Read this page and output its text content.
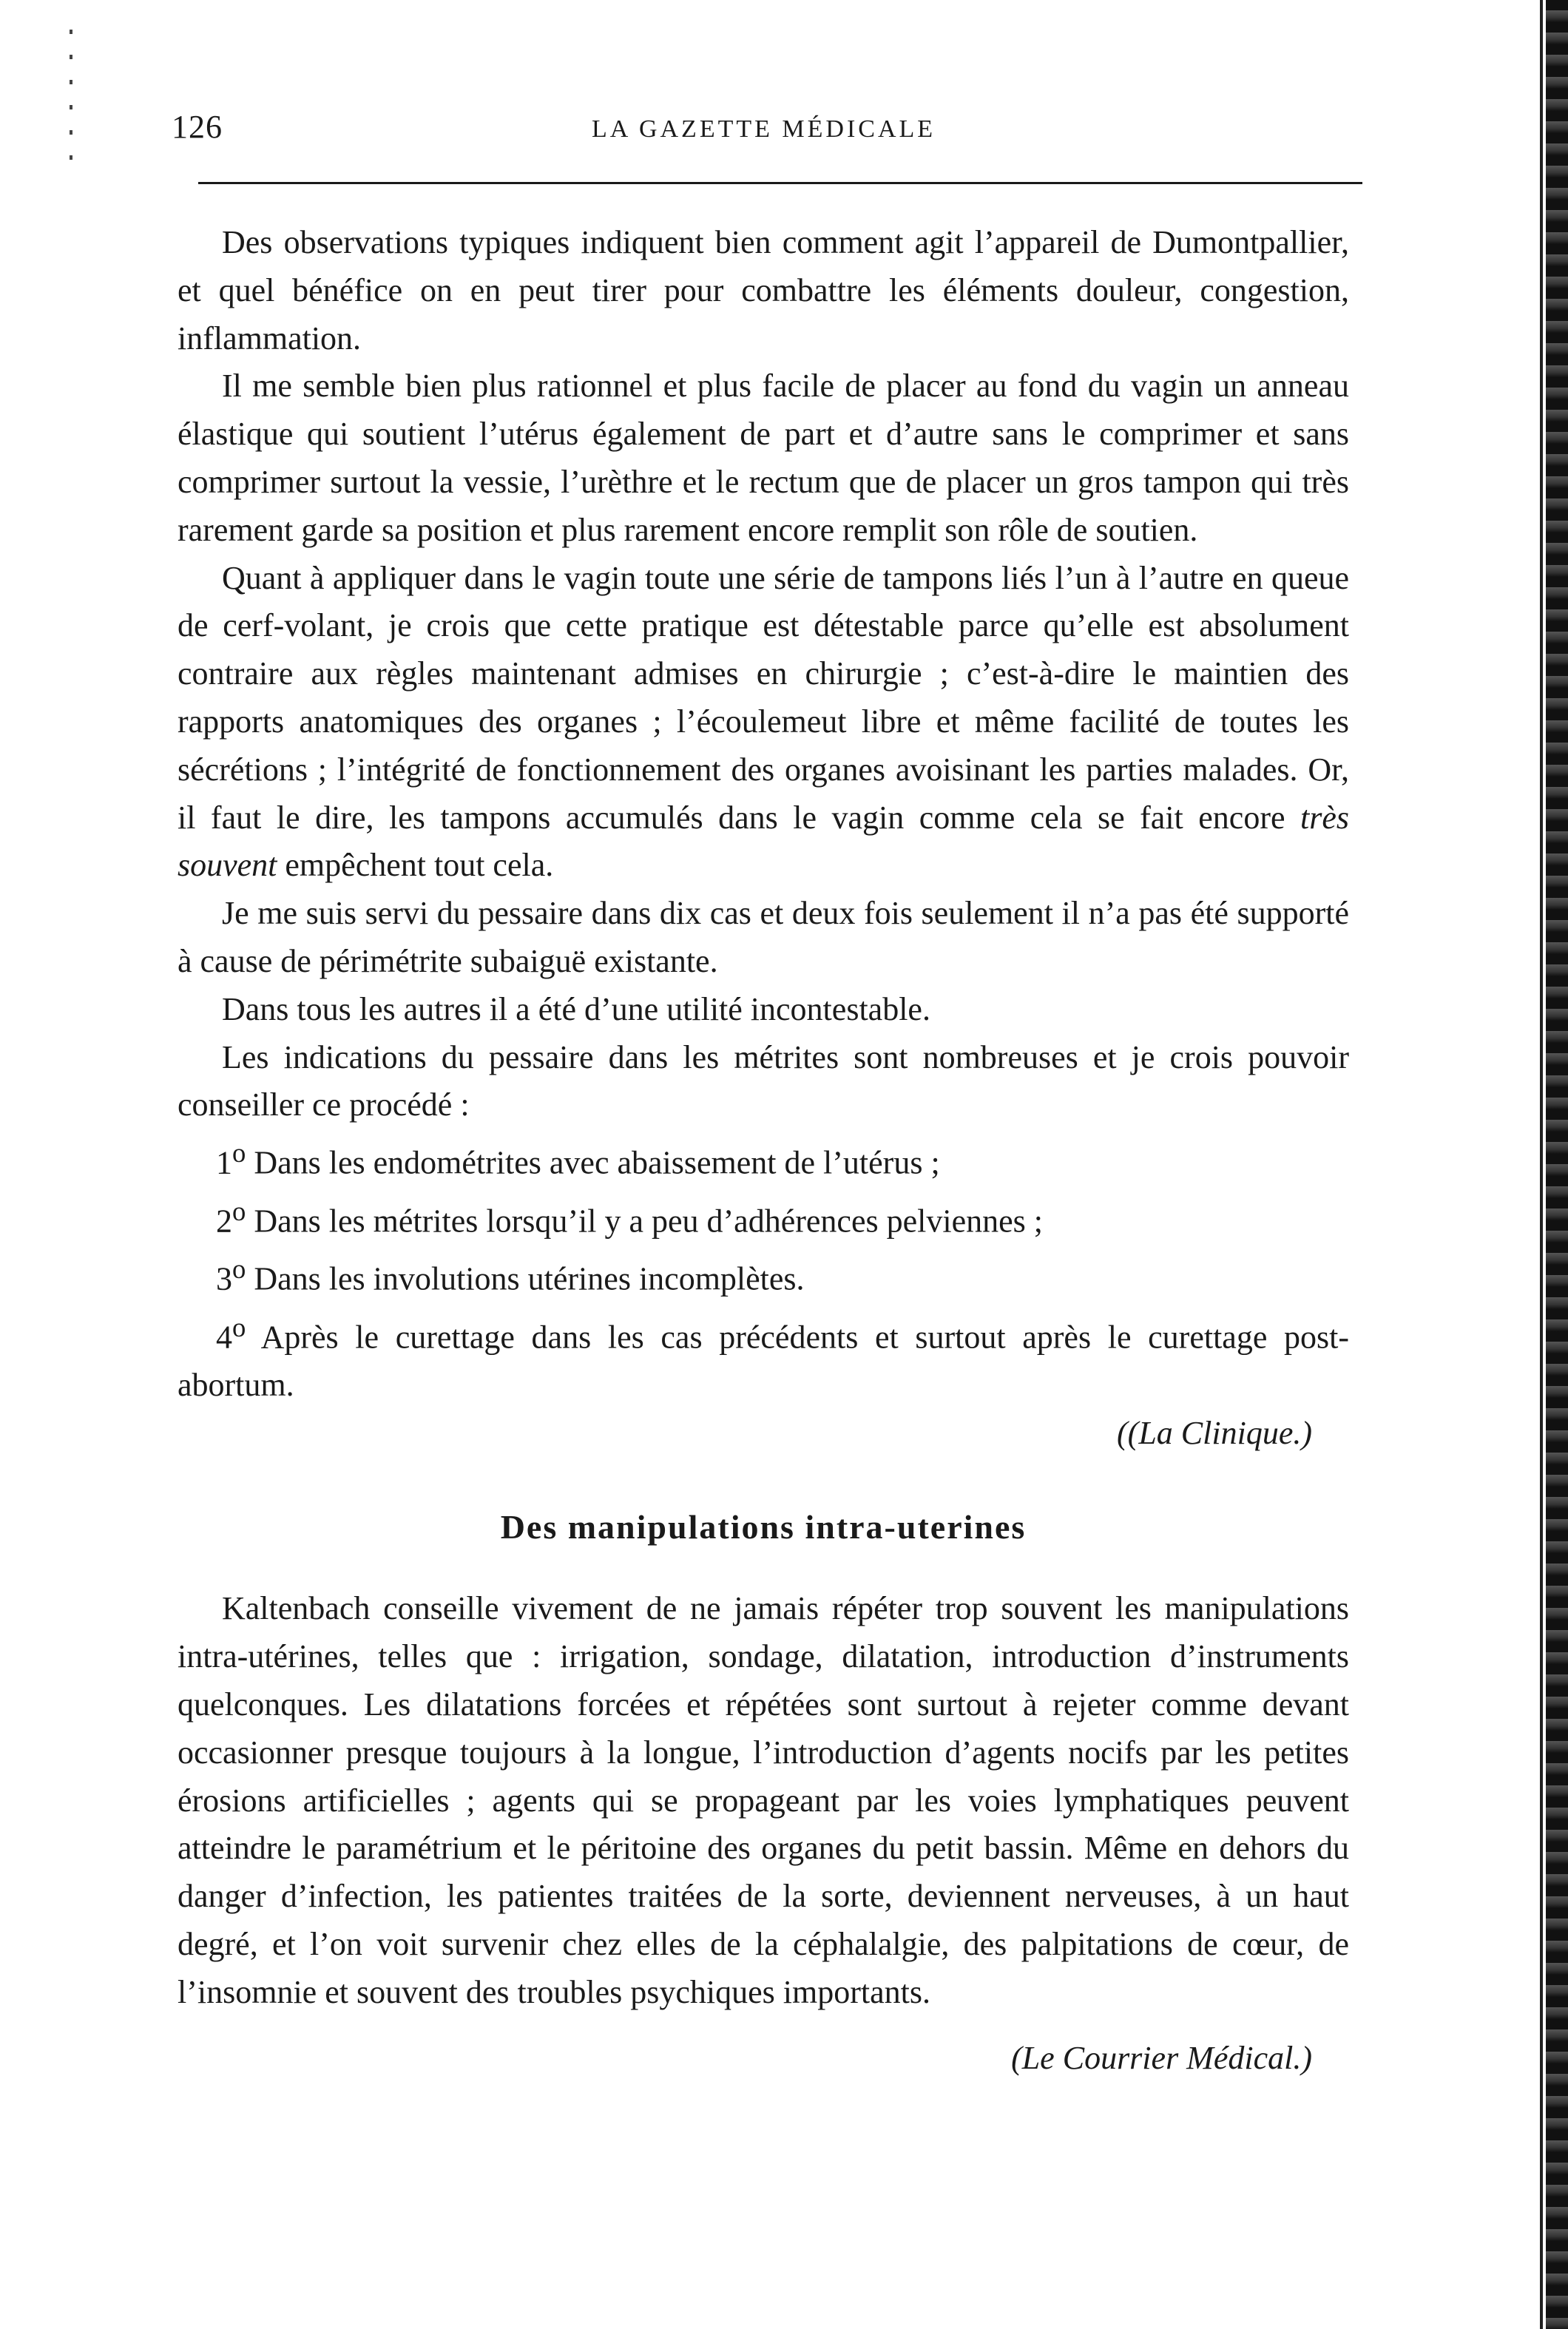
126	LA GAZETTE MÉDICALE

Des observations typiques indiquent bien comment agit l’appareil de Dumontpallier, et quel bénéfice on en peut tirer pour combattre les éléments douleur, congestion, inflammation.

Il me semble bien plus rationnel et plus facile de placer au fond du vagin un anneau élastique qui soutient l’utérus également de part et d’autre sans le comprimer et sans comprimer surtout la vessie, l’urèthre et le rectum que de placer un gros tampon qui très rarement garde sa position et plus rarement encore remplit son rôle de soutien.

Quant à appliquer dans le vagin toute une série de tampons liés l’un à l’autre en queue de cerf-volant, je crois que cette pratique est détestable parce qu’elle est absolument contraire aux règles maintenant admises en chirurgie ; c’est-à-dire le maintien des rapports anatomiques des organes ; l’écoulemeut libre et même facilité de toutes les sécrétions ; l’intégrité de fonctionnement des organes avoisinant les parties malades. Or, il faut le dire, les tampons accumulés dans le vagin comme cela se fait encore très souvent empêchent tout cela.

Je me suis servi du pessaire dans dix cas et deux fois seulement il n’a pas été supporté à cause de périmétrite subaiguë existante.

Dans tous les autres il a été d’une utilité incontestable.

Les indications du pessaire dans les métrites sont nombreuses et je crois pouvoir conseiller ce procédé :

1$^o$ Dans les endométrites avec abaissement de l’utérus ;

2$^o$ Dans les métrites lorsqu’il y a peu d’adhérences pelviennes ;

3$^o$ Dans les involutions utérines incomplètes.

4$^o$ Après le curettage dans les cas précédents et surtout après le curettage post-abortum.

((La Clinique.)

Des manipulations intra-uterines

Kaltenbach conseille vivement de ne jamais répéter trop souvent les manipulations intra-utérines, telles que : irrigation, sondage, dilatation, introduction d’instruments quelconques. Les dilatations forcées et répétées sont surtout à rejeter comme devant occasionner presque toujours à la longue, l’introduction d’agents nocifs par les petites érosions artificielles ; agents qui se propageant par les voies lymphatiques peuvent atteindre le paramétrium et le péritoine des organes du petit bassin. Même en dehors du danger d’infection, les patientes traitées de la sorte, deviennent nerveuses, à un haut degré, et l’on voit survenir chez elles de la céphalalgie, des palpitations de cœur, de l’insomnie et souvent des troubles psychiques importants.

(Le Courrier Médical.)
